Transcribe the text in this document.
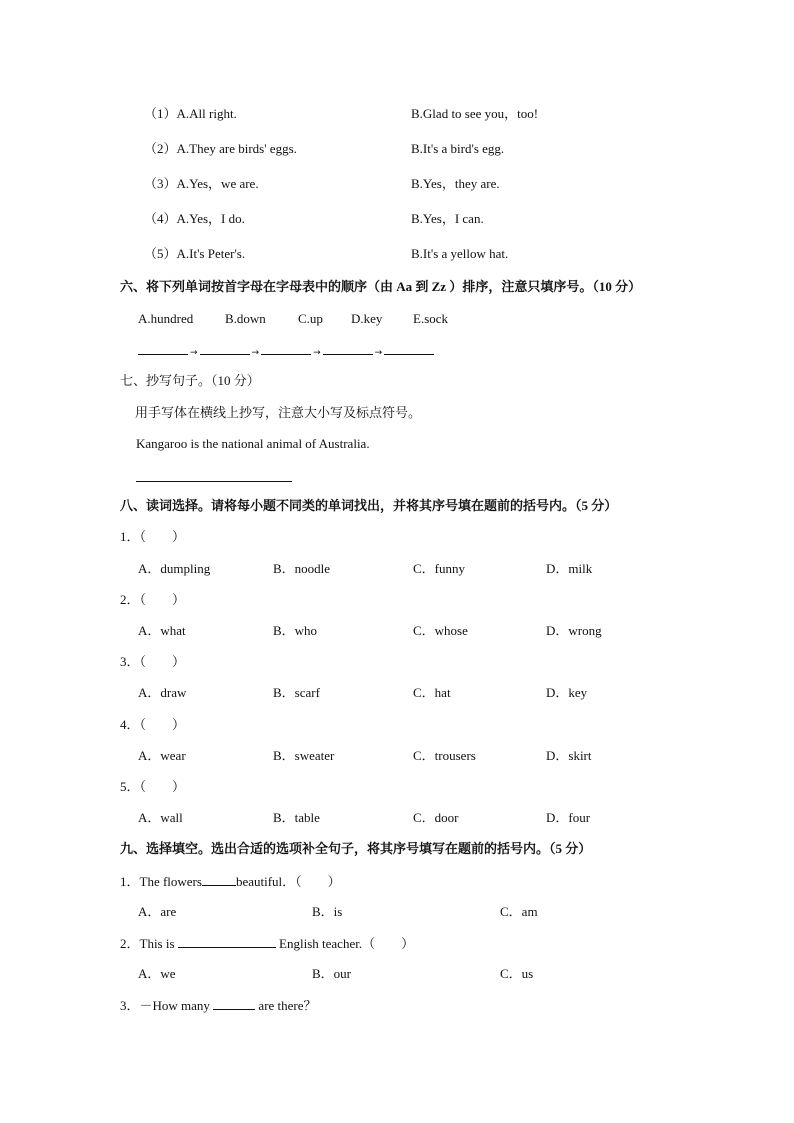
（1）A.All right.	B.Glad to see you，too!
（2）A.They are birds' eggs.	B.It's a bird's egg.
（3）A.Yes，we are.	B.Yes，they are.
（4）A.Yes，I do.	B.Yes，I can.
（5）A.It's Peter's.	B.It's a yellow hat.
六、将下列单词按首字母在字母表中的顺序（由 Aa 到 Zz ）排序，注意只填序号。（10 分）
A.hundred B.down C.up D.key E.sock
→	→	→	→
七、抄写句子。（10 分）
用手写体在横线上抄写，注意大小写及标点符号。
Kangaroo is the national animal of Australia.
八、读词选择。请将每小题不同类的单词找出，并将其序号填在题前的括号内。（5 分）
1．（　　）
A．dumpling	B．noodle	C．funny	D．milk
2．（　　）
A．what	B．who	C．whose	D．wrong
3．（　　）
A．draw	B．scarf	C．hat	D．key
4．（　　）
A．wear	B．sweater	C．trousers	D．skirt
5．（　　）
A．wall	B．table	C．door	D．four
九、选择填空。选出合适的选项补全句子，将其序号填写在题前的括号内。（5 分）
1．The flowers	beautiful．（　　）
A．are	B．is	C．am
2．This is	English teacher.（　　）
A．we	B．our	C．us
3．－How many	are there？
